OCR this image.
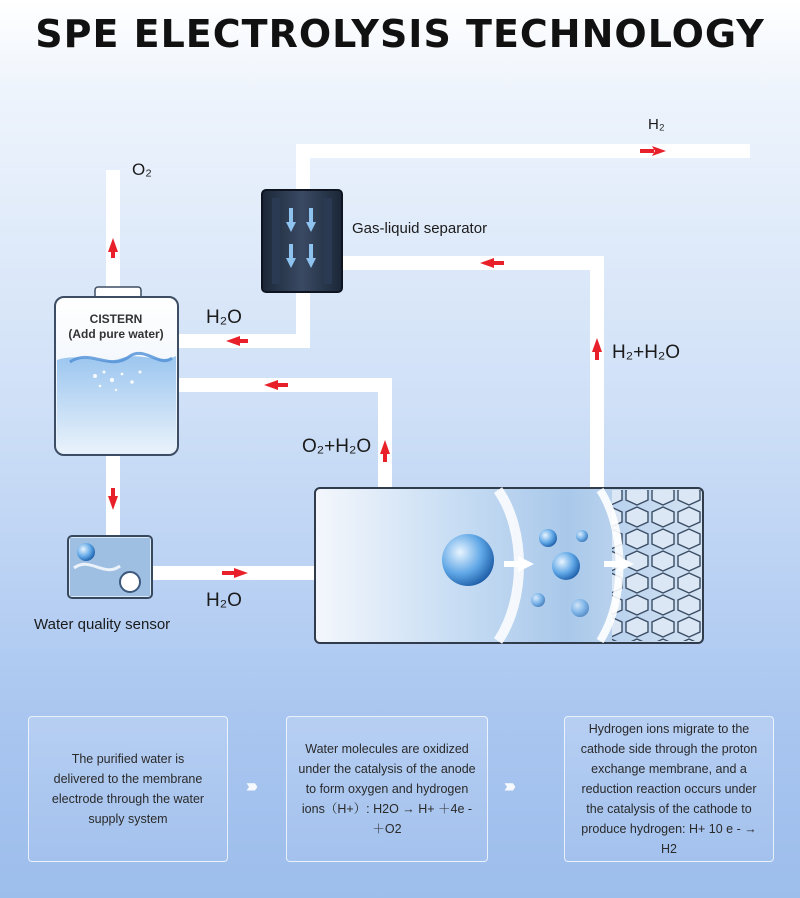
SPE ELECTROLYSIS TECHNOLOGY
H₂
O₂
Gas-liquid separator
H₂O
H₂+H₂O
O₂+H₂O
H₂O
Water quality sensor
CISTERN
(Add pure water)
The purified water is delivered to the membrane electrode through the water supply system
››››
Water molecules are oxidized under the catalysis of the anode to form oxygen and hydrogen ions（H+）: H2O → H+ ＋4e - ＋O2
››››
Hydrogen ions migrate to the cathode side through the proton exchange membrane, and a reduction reaction occurs under the catalysis of the cathode to produce hydrogen: H+ 10 e - → H2
